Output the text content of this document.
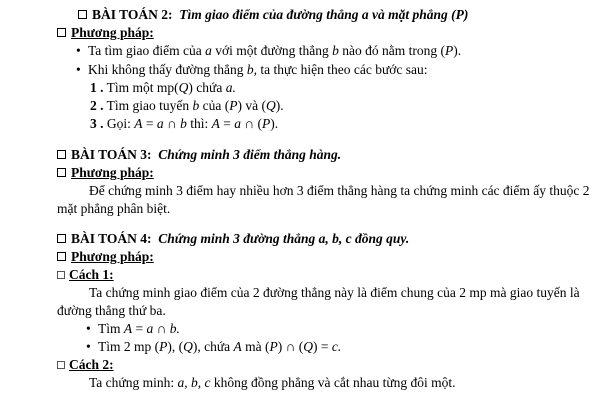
BÀI TOÁN 2: Tìm giao điểm của đường thẳng a và mặt phẳng (P)
Phương pháp:
• Ta tìm giao điểm của a với một đường thẳng b nào đó nằm trong (P).
• Khi không thấy đường thẳng b, ta thực hiện theo các bước sau:
1 . Tìm một mp(Q) chứa a.
2 . Tìm giao tuyến b của (P) và (Q).
3 . Gọi: A = a ∩ b thì: A = a ∩ (P).
BÀI TOÁN 3: Chứng minh 3 điểm thẳng hàng.
Phương pháp:
Để chứng minh 3 điểm hay nhiều hơn 3 điểm thẳng hàng ta chứng minh các điểm ấy thuộc 2
mặt phẳng phân biệt.
BÀI TOÁN 4: Chứng minh 3 đường thẳng a, b, c đồng quy.
Phương pháp:
Cách 1:
Ta chứng minh giao điểm của 2 đường thẳng này là điểm chung của 2 mp mà giao tuyến là
đường thẳng thứ ba.
• Tìm A = a ∩ b.
• Tìm 2 mp (P), (Q), chứa A mà (P) ∩ (Q) = c.
Cách 2:
Ta chứng minh: a, b, c không đồng phẳng và cắt nhau từng đôi một.
